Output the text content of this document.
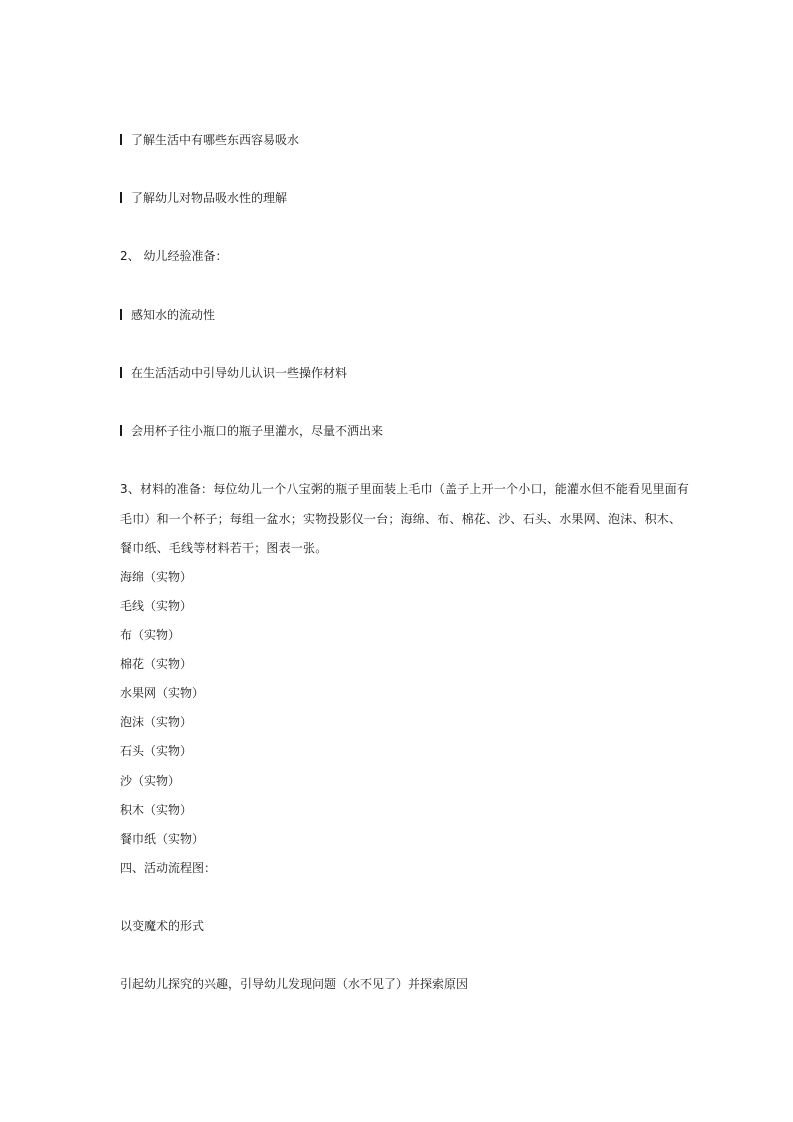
了解生活中有哪些东西容易吸水
了解幼儿对物品吸水性的理解
2、 幼儿经验准备：
感知水的流动性
在生活活动中引导幼儿认识一些操作材料
会用杯子往小瓶口的瓶子里灌水，尽量不洒出来
3、材料的准备：每位幼儿一个八宝粥的瓶子里面装上毛巾（盖子上开一个小口，能灌水但不能看见里面有
毛巾）和一个杯子；每组一盆水；实物投影仪一台；海绵、布、棉花、沙、石头、水果网、泡沫、积木、
餐巾纸、毛线等材料若干；图表一张。
海绵（实物）
毛线（实物）
布（实物）
棉花（实物）
水果网（实物）
泡沫（实物）
石头（实物）
沙（实物）
积木（实物）
餐巾纸（实物）
四、活动流程图：
以变魔术的形式
引起幼儿探究的兴趣，引导幼儿发现问题（水不见了）并探索原因
